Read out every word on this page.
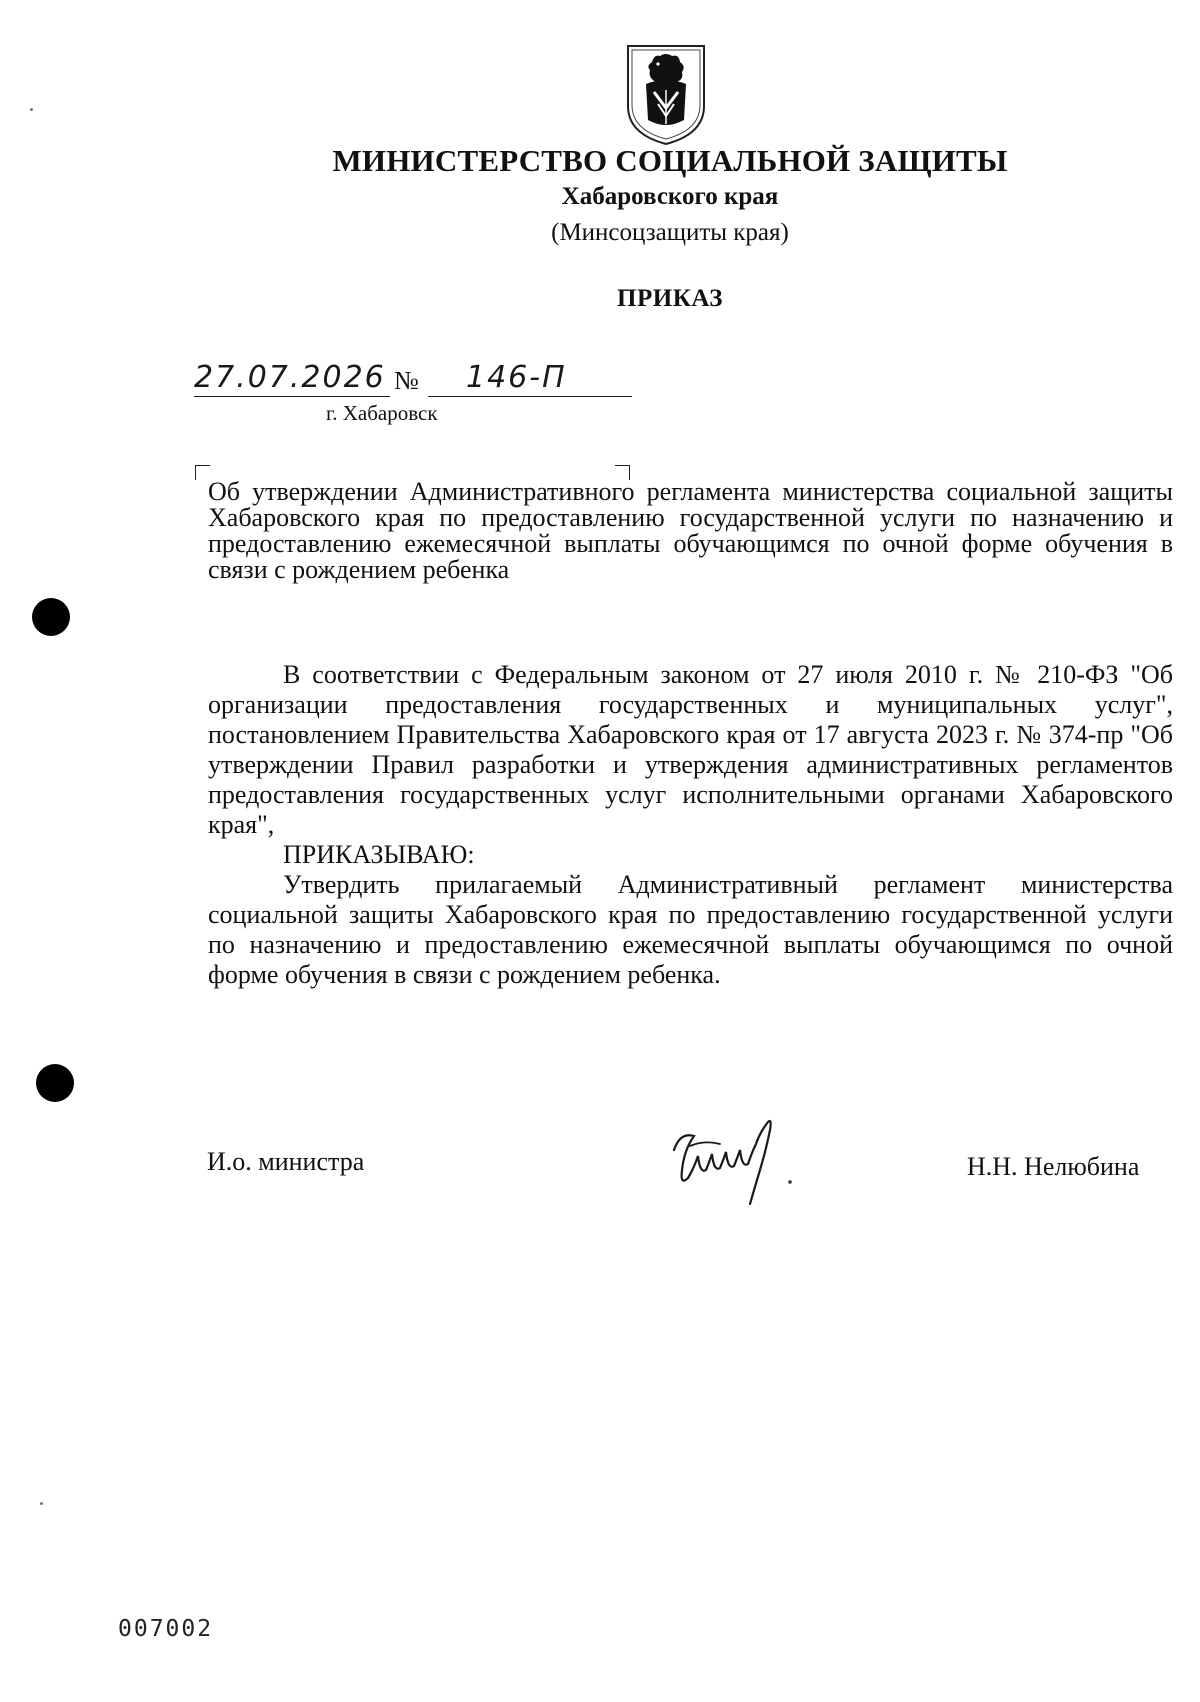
МИНИСТЕРСТВО СОЦИАЛЬНОЙ ЗАЩИТЫ
Хабаровского края
(Минсоцзащиты края)
ПРИКАЗ
27.07.2026 № 146-П
г. Хабаровск
Об утверждении Административного регламента министерства социальной защиты Хабаровского края по предоставлению государственной услуги по назначению и предоставлению ежемесячной выплаты обучающимся по очной форме обучения в связи с рождением ребенка

В соответствии с Федеральным законом от 27 июля 2010 г. № 210-ФЗ "Об организации предоставления государственных и муниципальных услуг", постановлением Правительства Хабаровского края от 17 августа 2023 г. № 374-пр "Об утверждении Правил разработки и утверждения административных регламентов предоставления государственных услуг исполнительными органами Хабаровского края",

ПРИКАЗЫВАЮ:

Утвердить прилагаемый Административный регламент министерства социальной защиты Хабаровского края по предоставлению государственной услуги по назначению и предоставлению ежемесячной выплаты обучающимся по очной форме обучения в связи с рождением ребенка.

И.о. министра	Н.Н. Нелюбина
007002
